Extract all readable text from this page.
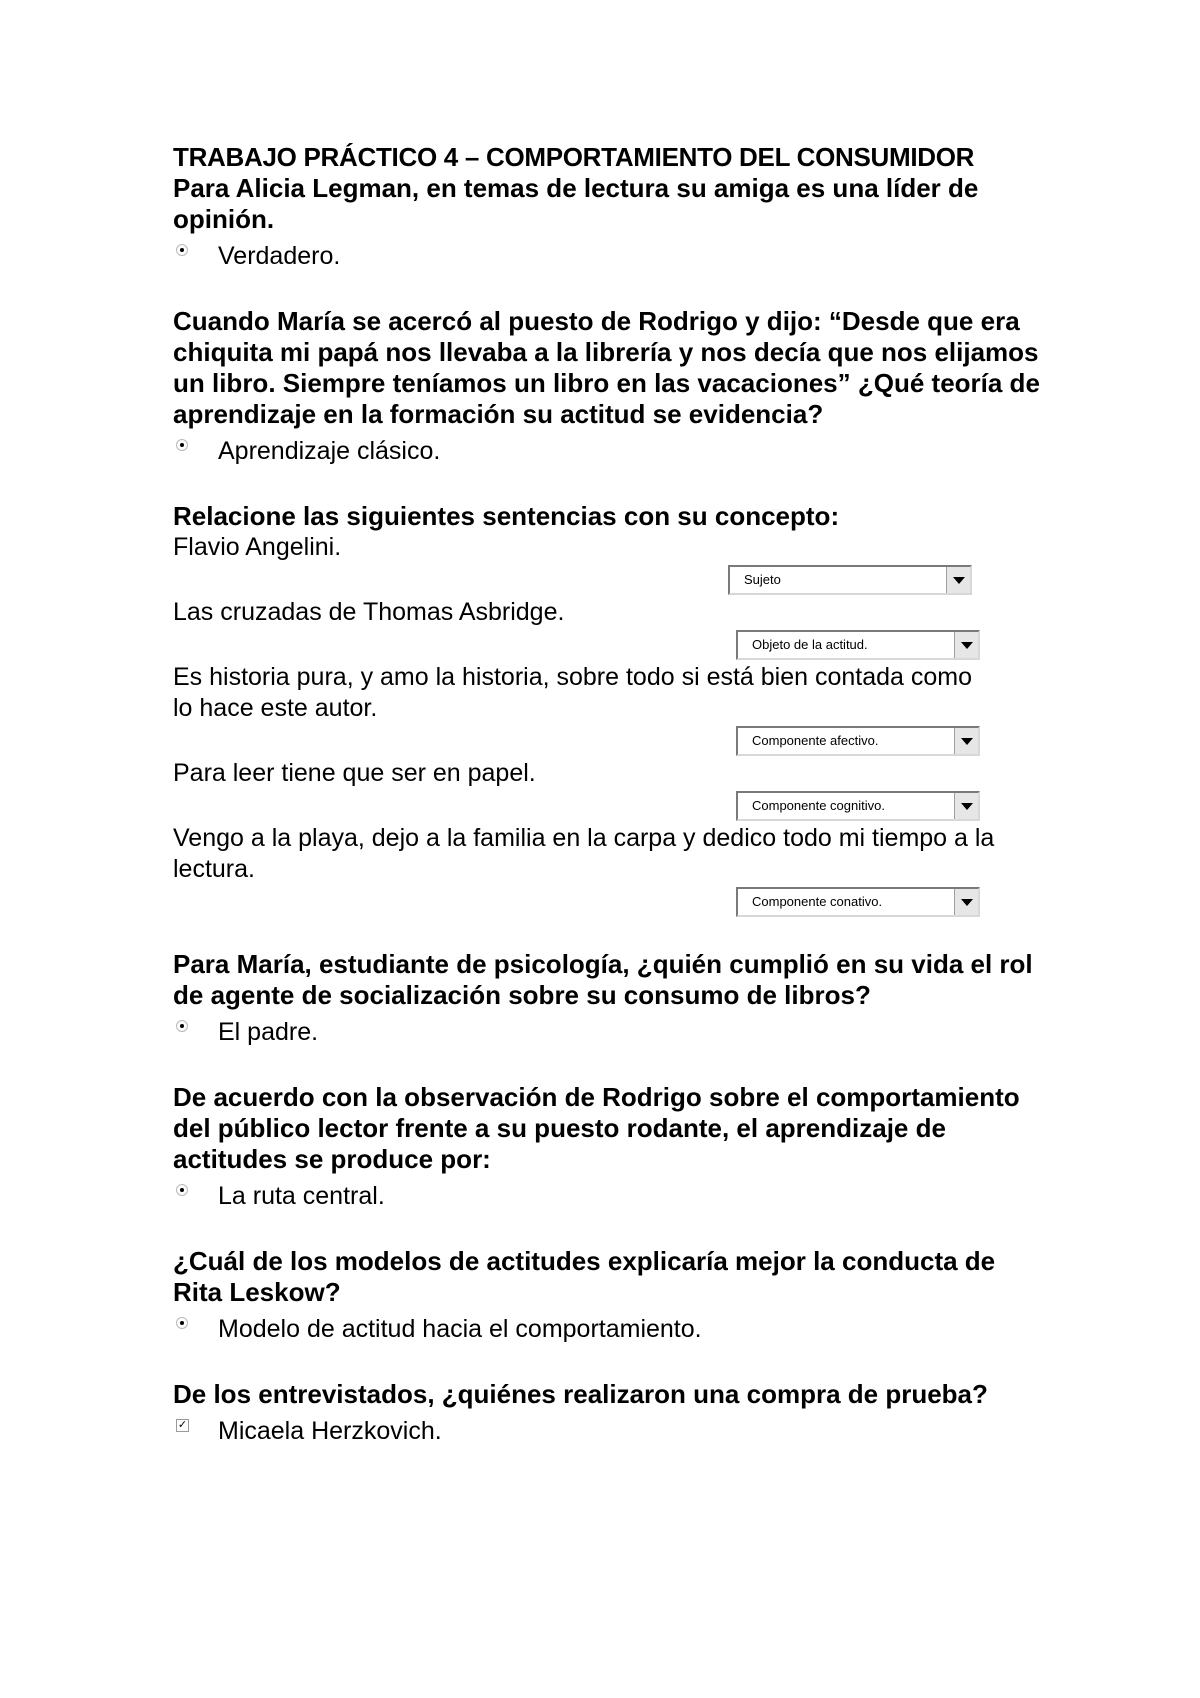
TRABAJO PRÁCTICO 4 – COMPORTAMIENTO DEL CONSUMIDOR

Para Alicia Legman, en temas de lectura su amiga es una líder de opinión.

Verdadero.

Cuando María se acercó al puesto de Rodrigo y dijo: “Desde que era chiquita mi papá nos llevaba a la librería y nos decía que nos elijamos un libro. Siempre teníamos un libro en las vacaciones” ¿Qué teoría de aprendizaje en la formación su actitud se evidencia?

Aprendizaje clásico.

Relacione las siguientes sentencias con su concepto:

Flavio Angelini.
Sujeto
Las cruzadas de Thomas Asbridge.
Objeto de la actitud.
Es historia pura, y amo la historia, sobre todo si está bien contada como lo hace este autor.
Componente afectivo.
Para leer tiene que ser en papel.
Componente cognitivo.
Vengo a la playa, dejo a la familia en la carpa y dedico todo mi tiempo a la lectura.
Componente conativo.

Para María, estudiante de psicología, ¿quién cumplió en su vida el rol de agente de socialización sobre su consumo de libros?

El padre.

De acuerdo con la observación de Rodrigo sobre el comportamiento del público lector frente a su puesto rodante, el aprendizaje de actitudes se produce por:

La ruta central.

¿Cuál de los modelos de actitudes explicaría mejor la conducta de Rita Leskow?

Modelo de actitud hacia el comportamiento.

De los entrevistados, ¿quiénes realizaron una compra de prueba?

✓ Micaela Herzkovich.
